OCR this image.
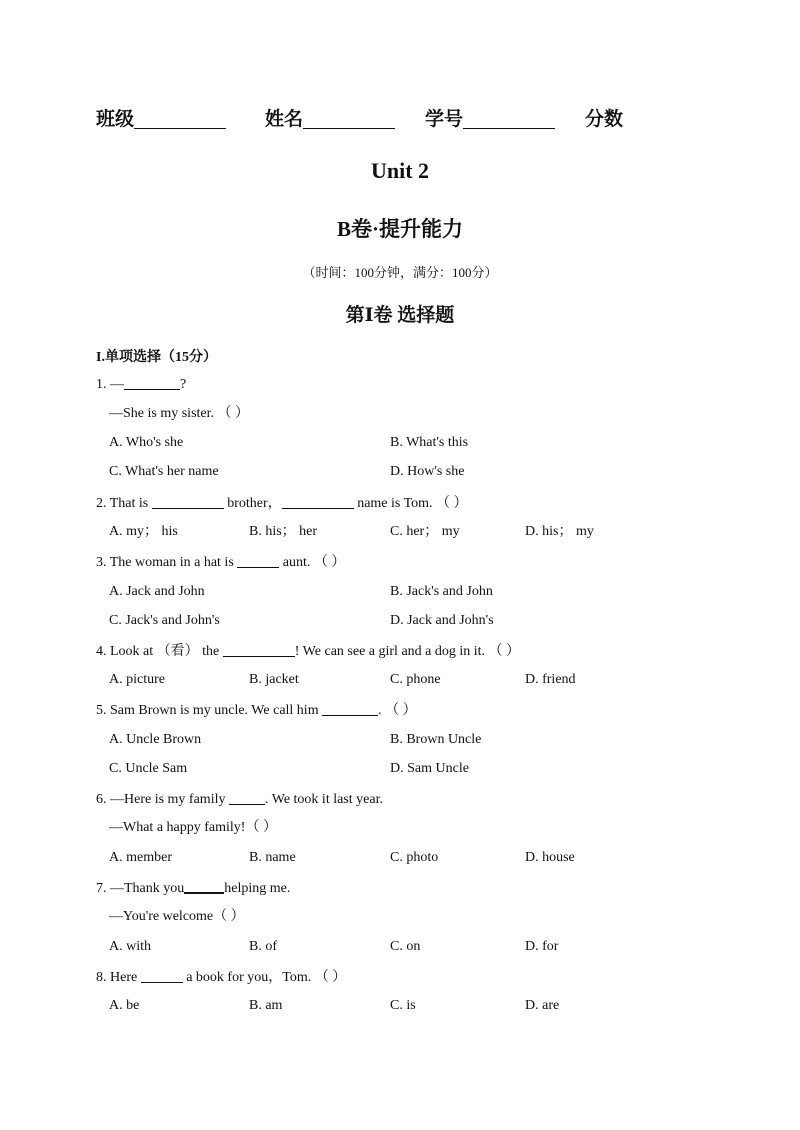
班级	姓名	学号	分数
Unit 2
B卷·提升能力
（时间：100分钟，满分：100分）
第Ⅰ卷 选择题
I.单项选择（15分）
1. —	?
—She is my sister. （ ）
A. Who's she	B. What's this
C. What's her name	D. How's she
2. That is	brother，	name is Tom. （ ）
A. my； his	B. his； her	C. her； my	D. his； my
3. The woman in a hat is	aunt. （ ）
A. Jack and John	B. Jack's and John
C. Jack's and John's	D. Jack and John's
4. Look at （看） the	! We can see a girl and a dog in it. （ ）
A. picture	B. jacket	C. phone	D. friend
5. Sam Brown is my uncle. We call him	. （ ）
A. Uncle Brown	B. Brown Uncle
C. Uncle Sam	D. Sam Uncle
6. —Here is my family	. We took it last year.
—What a happy family!（ ）
A. member	B. name	C. photo	D. house
7. —Thank you	helping me.
—You're welcome（ ）
A. with	B. of	C. on	D. for
8. Here	a book for you，Tom. （ ）
A. be	B. am	C. is	D. are
